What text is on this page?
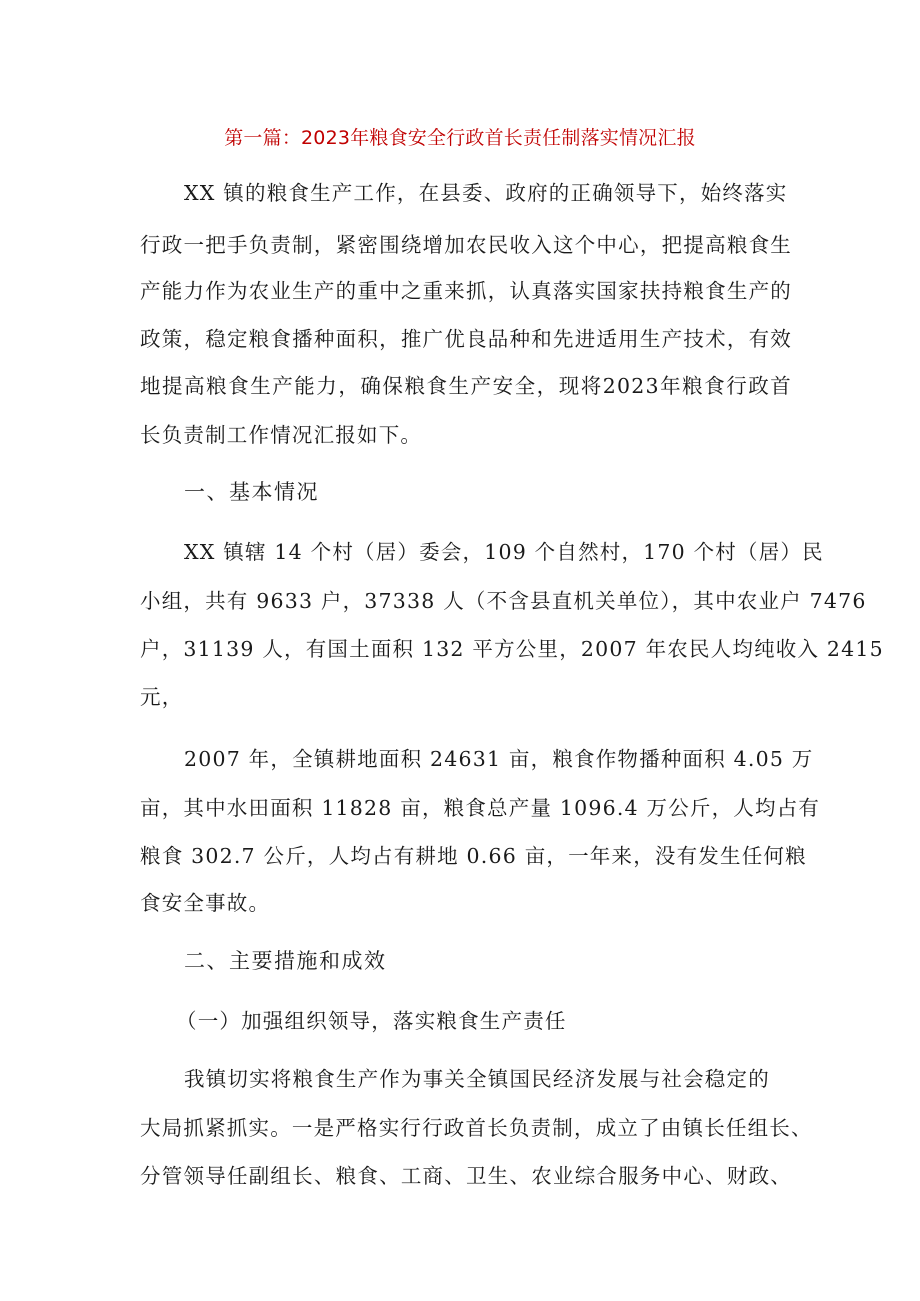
第一篇：2023年粮食安全行政首长责任制落实情况汇报
XX 镇的粮食生产工作，在县委、政府的正确领导下，始终落实
行政一把手负责制，紧密围绕增加农民收入这个中心，把提高粮食生
产能力作为农业生产的重中之重来抓，认真落实国家扶持粮食生产的
政策，稳定粮食播种面积，推广优良品种和先进适用生产技术，有效
地提高粮食生产能力，确保粮食生产安全，现将2023年粮食行政首
长负责制工作情况汇报如下。
一、基本情况
XX 镇辖 14 个村（居）委会，109 个自然村，170 个村（居）民
小组，共有 9633 户，37338 人（不含县直机关单位），其中农业户 7476
户，31139 人，有国土面积 132 平方公里，2007 年农民人均纯收入 2415
元，
2007 年，全镇耕地面积 24631 亩，粮食作物播种面积 4.05 万
亩，其中水田面积 11828 亩，粮食总产量 1096.4 万公斤，人均占有
粮食 302.7 公斤，人均占有耕地 0.66 亩，一年来，没有发生任何粮
食安全事故。
二、主要措施和成效
（一）加强组织领导，落实粮食生产责任
我镇切实将粮食生产作为事关全镇国民经济发展与社会稳定的
大局抓紧抓实。一是严格实行行政首长负责制，成立了由镇长任组长、
分管领导任副组长、粮食、工商、卫生、农业综合服务中心、财政、
